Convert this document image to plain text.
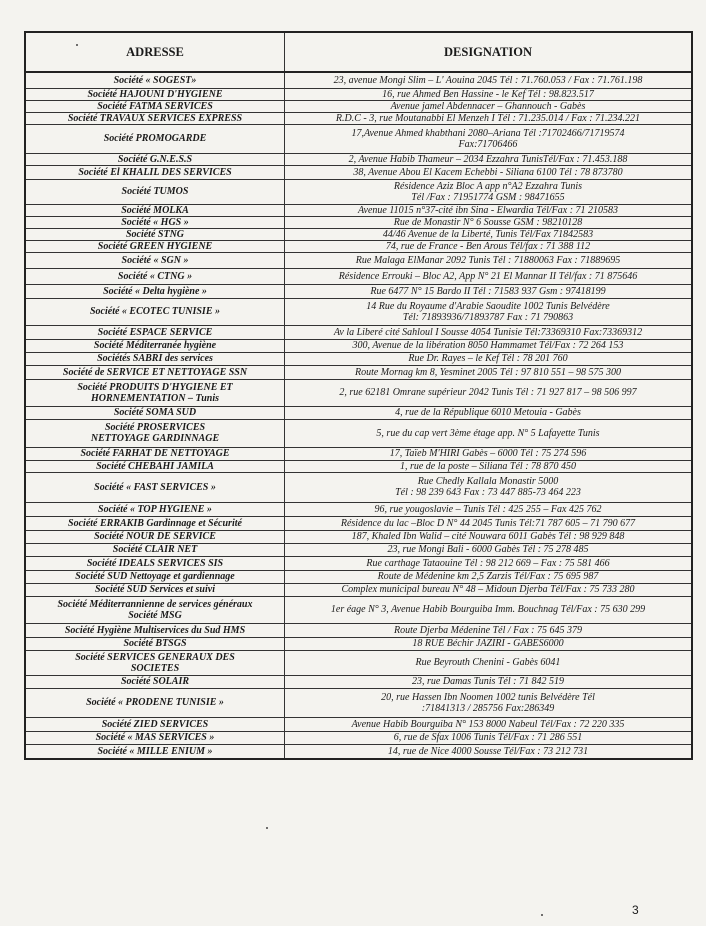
ADRESSE	DESIGNATION

Société « SOGEST»	23, avenue Mongi Slim – L' Aouina 2045 Tél : 71.760.053 / Fax : 71.761.198

Société HAJOUNI D'HYGIENE	16, rue Ahmed Ben Hassine - le Kef Tél : 98.823.517

Société FATMA SERVICES	Avenue jamel Abdennacer – Ghannouch - Gabès

Société TRAVAUX SERVICES EXPRESS	R.D.C - 3, rue Moutanabbi El Menzeh I Tél : 71.235.014 / Fax : 71.234.221

Société PROMOGARDE	17,Avenue Ahmed khabthani 2080–Ariana Tél :71702466/71719574
Fax:71706466

Société G.N.E.S.S	2, Avenue Habib Thameur – 2034 Ezzahra TunisTél/Fax : 71.453.188

Société El KHALIL DES SERVICES	38, Avenue Abou El Kacem Echebbi - Siliana 6100 Tél : 78 873780

Société TUMOS	Résidence Aziz Bloc A app n°A2 Ezzahra Tunis
Tél /Fax : 71951774 GSM : 98471655

Société MOLKA	Avenue 11015 n°37-cité ibn Sina - Elwardia Tél/Fax : 71 210583

Société « HGS »	Rue de Monastir N° 6 Sousse GSM : 98210128

Société STNG	44/46 Avenue de la Liberté, Tunis Tél/Fax 71842583

Société GREEN HYGIENE	74, rue de France - Ben Arous Tél/fax : 71 388 112

Société « SGN »	Rue Malaga ElManar 2092 Tunis Tél : 71880063 Fax : 71889695

Société « CTNG »	Résidence Errouki – Bloc A2, App N° 21 El Mannar II Tél/fax : 71 875646

Société « Delta hygiène »	Rue 6477 N° 15 Bardo II Tél : 71583 937 Gsm : 97418199

Société « ECOTEC TUNISIE »	14 Rue du Royaume d'Arabie Saoudite 1002 Tunis Belvédère
Tél: 71893936/71893787 Fax : 71 790863

Société ESPACE SERVICE	Av la Liberé cité Sahloul I Sousse 4054 Tunisie Tél:73369310 Fax:73369312

Société Méditerranée hygiène	300, Avenue de la libération 8050 Hammamet Tél/Fax : 72 264 153

Sociétés SABRI des services	Rue Dr. Rayes – le Kef Tél : 78 201 760

Société de SERVICE ET NETTOYAGE SSN	Route Mornag km 8, Yesminet 2005 Tél : 97 810 551 – 98 575 300

Société PRODUITS D'HYGIENE ET
HORNEMENTATION – Tunis	2, rue 62181 Omrane supérieur 2042 Tunis Tél : 71 927 817 – 98 506 997

Société SOMA SUD	4, rue de la République 6010 Metouia - Gabès

Société PROSERVICES
NETTOYAGE GARDINNAGE	5, rue du cap vert 3ème étage app. N° 5 Lafayette Tunis

Société FARHAT DE NETTOYAGE	17, Taïeb M'HIRI Gabès – 6000 Tél : 75 274 596

Société CHEBAHI JAMILA	1, rue de la poste – Siliana Tél : 78 870 450

Société « FAST SERVICES »	Rue Chedly Kallala Monastir 5000
Tél : 98 239 643 Fax : 73 447 885-73 464 223

Société « TOP HYGIENE »	96, rue yougoslavie – Tunis Tél : 425 255 – Fax 425 762

Société ERRAKIB Gardinnage et Sécurité	Résidence du lac –Bloc D N° 44 2045 Tunis Tél:71 787 605 – 71 790 677

Société NOUR DE SERVICE	187, Khaled Ibn Walid – cité Nouwara 6011 Gabès Tél : 98 929 848

Société CLAIR NET	23, rue Mongi Bali - 6000 Gabès Tél : 75 278 485

Société IDEALS SERVICES SIS	Rue carthage Tataouine Tél : 98 212 669 – Fax : 75 581 466

Société SUD Nettoyage et gardiennage	Route de Médenine km 2,5 Zarzis Tél/Fax : 75 695 987

Société SUD Services et suivi	Complex municipal bureau N° 48 – Midoun Djerba Tél/Fax : 75 733 280

Société Méditerrannienne de services généraux
Société MSG	1er éage N° 3, Avenue Habib Bourguiba Imm. Bouchnag Tél/Fax : 75 630 299

Société Hygiène Multiservices du Sud HMS	Route Djerba Médenine Tél / Fax : 75 645 379

Société BTSGS	18 RUE Béchir JAZIRI - GABES6000

Société SERVICES GENERAUX DES
SOCIETES	Rue Beyrouth Chenini - Gabès 6041

Société SOLAIR	23, rue Damas Tunis Tél : 71 842 519

Société « PRODENE TUNISIE »	20, rue Hassen Ibn Noomen 1002 tunis Belvédère Tél
:71841313 / 285756 Fax:286349

Société ZIED SERVICES	Avenue Habib Bourguiba N° 153 8000 Nabeul Tél/Fax : 72 220 335

Société « MAS SERVICES »	6, rue de Sfax 1006 Tunis Tél/Fax : 71 286 551

Société « MILLE ENIUM »	14, rue de Nice 4000 Sousse Tél/Fax : 73 212 731
3
